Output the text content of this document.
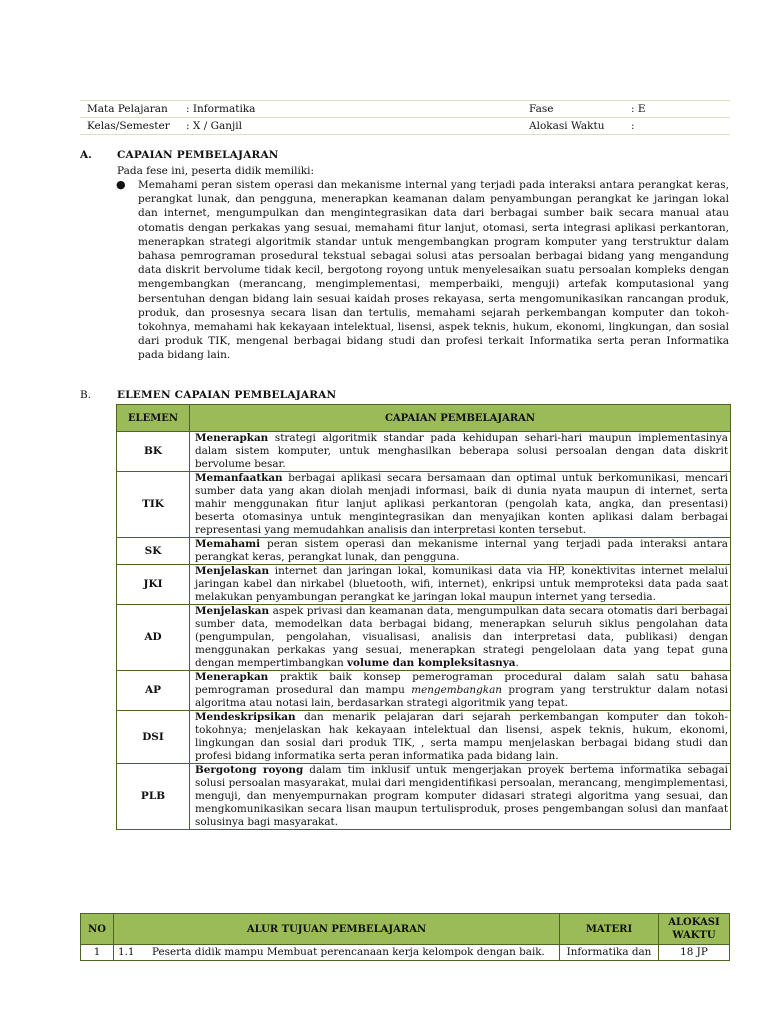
Mata Pelajaran : Informatika	Fase	: E
Kelas/Semester : X / Ganjil	Alokasi Waktu	:
A. CAPAIAN PEMBELAJARAN
Pada fese ini, peserta didik memiliki:
● Memahami peran sistem operasi dan mekanisme internal yang terjadi pada interaksi antara perangkat keras, perangkat lunak, dan pengguna, menerapkan keamanan dalam penyambungan perangkat ke jaringan lokal dan internet, mengumpulkan dan mengintegrasikan data dari berbagai sumber baik secara manual atau otomatis dengan perkakas yang sesuai, memahami fitur lanjut, otomasi, serta integrasi aplikasi perkantoran, menerapkan strategi algoritmik standar untuk mengembangkan program komputer yang terstruktur dalam bahasa pemrograman prosedural tekstual sebagai solusi atas persoalan berbagai bidang yang mengandung data diskrit bervolume tidak kecil, bergotong royong untuk menyelesaikan suatu persoalan kompleks dengan mengembangkan (merancang, mengimplementasi, memperbaiki, menguji) artefak komputasional yang bersentuhan dengan bidang lain sesuai kaidah proses rekayasa, serta mengomunikasikan rancangan produk, produk, dan prosesnya secara lisan dan tertulis, memahami sejarah perkembangan komputer dan tokoh-tokohnya, memahami hak kekayaan intelektual, lisensi, aspek teknis, hukum, ekonomi, lingkungan, dan sosial dari produk TIK, mengenal berbagai bidang studi dan profesi terkait Informatika serta peran Informatika pada bidang lain.
B. ELEMEN CAPAIAN PEMBELAJARAN
ELEMEN	CAPAIAN PEMBELAJARAN
BK	Menerapkan strategi algoritmik standar pada kehidupan sehari-hari maupun implementasinya dalam sistem komputer, untuk menghasilkan beberapa solusi persoalan dengan data diskrit bervolume besar.
TIK	Memanfaatkan berbagai aplikasi secara bersamaan dan optimal untuk berkomunikasi, mencari sumber data yang akan diolah menjadi informasi, baik di dunia nyata maupun di internet, serta mahir menggunakan fitur lanjut aplikasi perkantoran (pengolah kata, angka, dan presentasi) beserta otomasinya untuk mengintegrasikan dan menyajikan konten aplikasi dalam berbagai representasi yang memudahkan analisis dan interpretasi konten tersebut.
SK	Memahami peran sistem operasi dan mekanisme internal yang terjadi pada interaksi antara perangkat keras, perangkat lunak, dan pengguna.
JKI	Menjelaskan internet dan jaringan lokal, komunikasi data via HP, konektivitas internet melalui jaringan kabel dan nirkabel (bluetooth, wifi, internet), enkripsi untuk memproteksi data pada saat melakukan penyambungan perangkat ke jaringan lokal maupun internet yang tersedia.
AD	Menjelaskan aspek privasi dan keamanan data, mengumpulkan data secara otomatis dari berbagai sumber data, memodelkan data berbagai bidang, menerapkan seluruh siklus pengolahan data (pengumpulan, pengolahan, visualisasi, analisis dan interpretasi data, publikasi) dengan menggunakan perkakas yang sesuai, menerapkan strategi pengelolaan data yang tepat guna dengan mempertimbangkan volume dan kompleksitasnya.
AP	Menerapkan praktik baik konsep pemerograman procedural dalam salah satu bahasa pemrograman prosedural dan mampu mengembangkan program yang terstruktur dalam notasi algoritma atau notasi lain, berdasarkan strategi algoritmik yang tepat.
DSI	Mendeskripsikan dan menarik pelajaran dari sejarah perkembangan komputer dan tokoh-tokohnya; menjelaskan hak kekayaan intelektual dan lisensi, aspek teknis, hukum, ekonomi, lingkungan dan sosial dari produk TIK, , serta mampu menjelaskan berbagai bidang studi dan profesi bidang informatika serta peran informatika pada bidang lain.
PLB	Bergotong royong dalam tim inklusif untuk mengerjakan proyek bertema informatika sebagai solusi persoalan masyarakat, mulai dari mengidentifikasi persoalan, merancang, mengimplementasi, menguji, dan menyempurnakan program komputer didasari strategi algoritma yang sesuai, dan mengkomunikasikan secara lisan maupun tertulisproduk, proses pengembangan solusi dan manfaat solusinya bagi masyarakat.
NO	ALUR TUJUAN PEMBELAJARAN	MATERI	ALOKASI WAKTU
1	1.1 Peserta didik mampu Membuat perencanaan kerja kelompok dengan baik.	Informatika dan	18 JP
